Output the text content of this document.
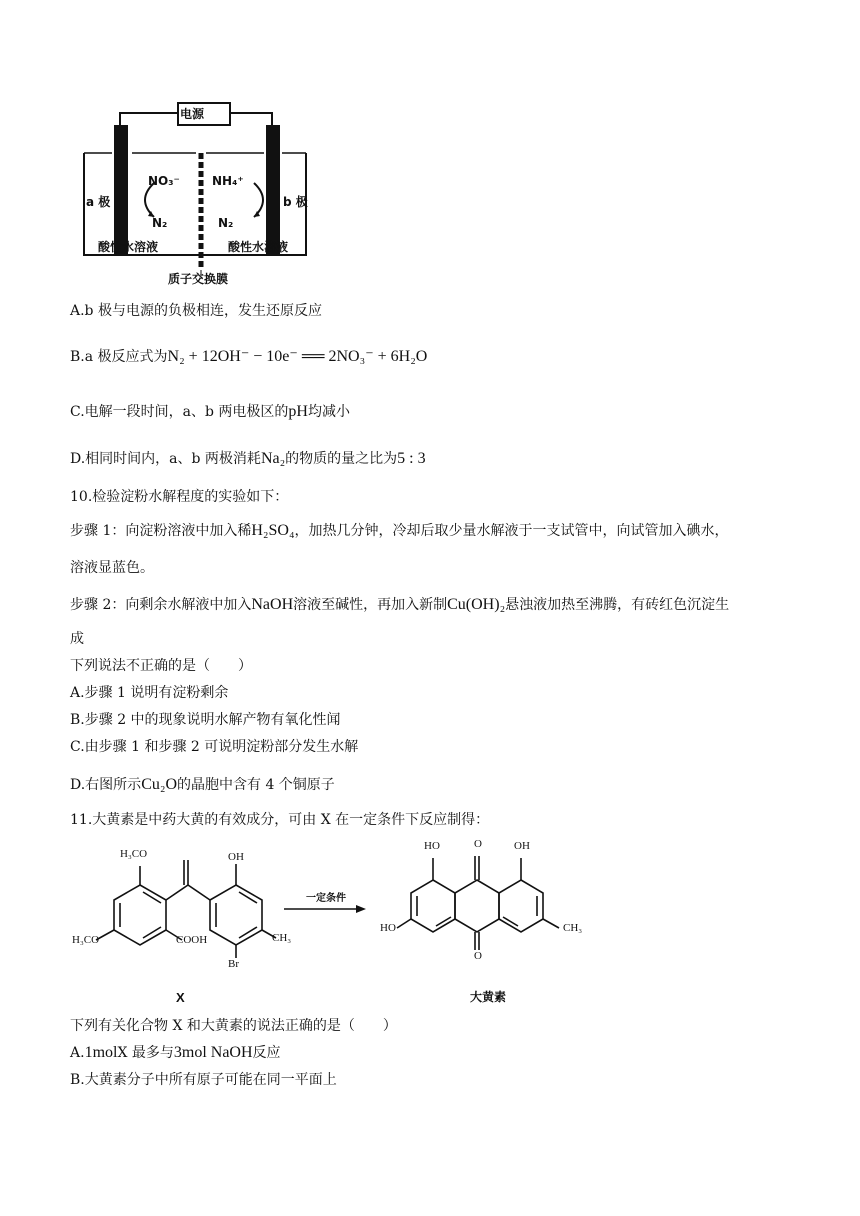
电源
a 极	b 极
NO₃⁻
N₂
NH₄⁺
N₂
酸性水溶液	酸性水溶液
质子交换膜
A.b 极与电源的负极相连，发生还原反应
B.a 极反应式为N₂ + 12OH⁻ − 10e⁻ ══ 2NO₃⁻ + 6H₂O
C.电解一段时间，a、b 两电极区的pH均减小
D.相同时间内，a、b 两极消耗Na₂的物质的量之比为5 : 3
10.检验淀粉水解程度的实验如下：
步骤 1：向淀粉溶液中加入稀H₂SO₄，加热几分钟，冷却后取少量水解液于一支试管中，向试管加入碘水，
溶液显蓝色。
步骤 2：向剩余水解液中加入NaOH溶液至碱性，再加入新制Cu(OH)₂悬浊液加热至沸腾，有砖红色沉淀生
成
下列说法不正确的是（　　）
A.步骤 1 说明有淀粉剩余
B.步骤 2 中的现象说明水解产物有氧化性闻
C.由步骤 1 和步骤 2 可说明淀粉部分发生水解
D.右图所示Cu₂O的晶胞中含有 4 个铜原子
11.大黄素是中药大黄的有效成分，可由 X 在一定条件下反应制得：
H₃CO
H₃CO	COOH
OH
CH₃
Br
X
一定条件
HO	O	OH
HO
O
CH₃
大黄素
下列有关化合物 X 和大黄素的说法正确的是（　　）
A.1molX 最多与3mol NaOH反应
B.大黄素分子中所有原子可能在同一平面上
